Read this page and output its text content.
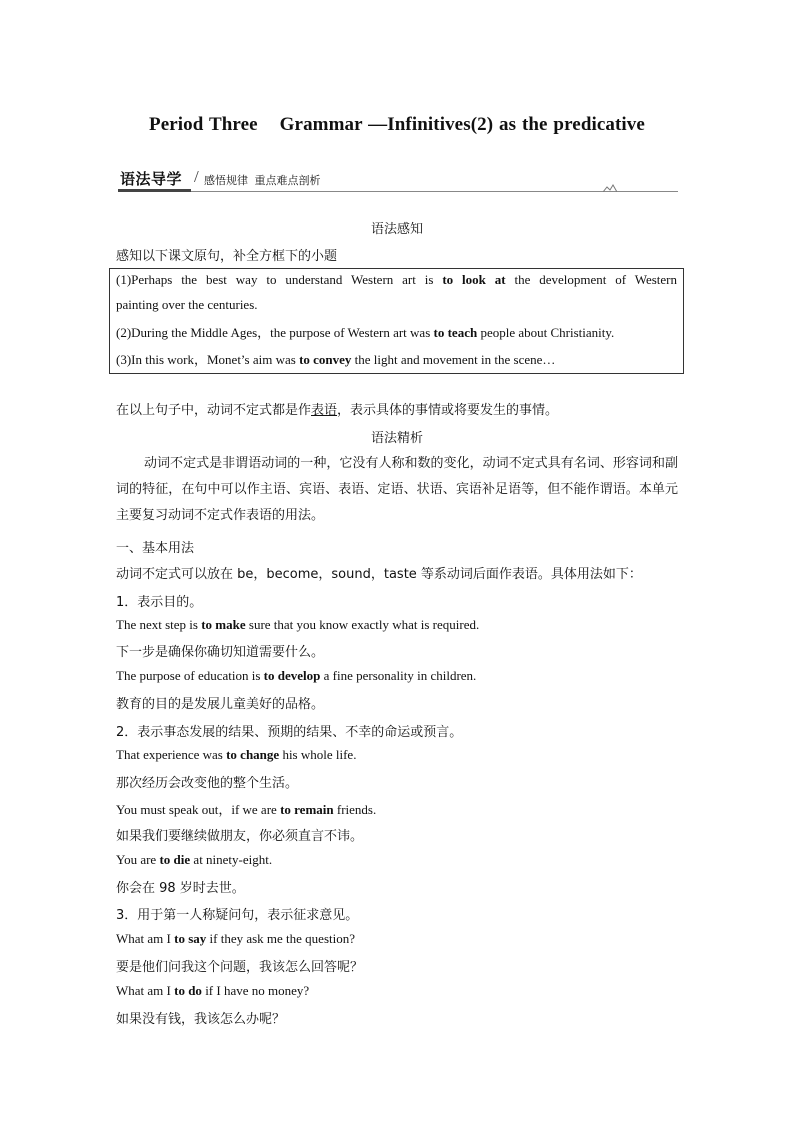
Period Three Grammar —Infinitives(2) as the predicative
语法导学 / 感悟规律 重点难点剖析
语法感知
感知以下课文原句，补全方框下的小题
(1)Perhaps the best way to understand Western art is to look at the development of Western
painting over the centuries.
(2)During the Middle Ages，the purpose of Western art was to teach people about Christianity.
(3)In this work，Monet’s aim was to convey the light and movement in the scene…
在以上句子中，动词不定式都是作表语，表示具体的事情或将要发生的事情。
语法精析
动词不定式是非谓语动词的一种，它没有人称和数的变化，动词不定式具有名词、形容词和副词的特征，在句中可以作主语、宾语、表语、定语、状语、宾语补足语等，但不能作谓语。本单元主要复习动词不定式作表语的用法。
一、基本用法
动词不定式可以放在 be，become，sound，taste 等系动词后面作表语。具体用法如下：
1．表示目的。
The next step is to make sure that you know exactly what is required.
下一步是确保你确切知道需要什么。
The purpose of education is to develop a fine personality in children.
教育的目的是发展儿童美好的品格。
2．表示事态发展的结果、预期的结果、不幸的命运或预言。
That experience was to change his whole life.
那次经历会改变他的整个生活。
You must speak out，if we are to remain friends.
如果我们要继续做朋友，你必须直言不讳。
You are to die at ninety-eight.
你会在 98 岁时去世。
3．用于第一人称疑问句，表示征求意见。
What am I to say if they ask me the question?
要是他们问我这个问题，我该怎么回答呢？
What am I to do if I have no money?
如果没有钱，我该怎么办呢？
